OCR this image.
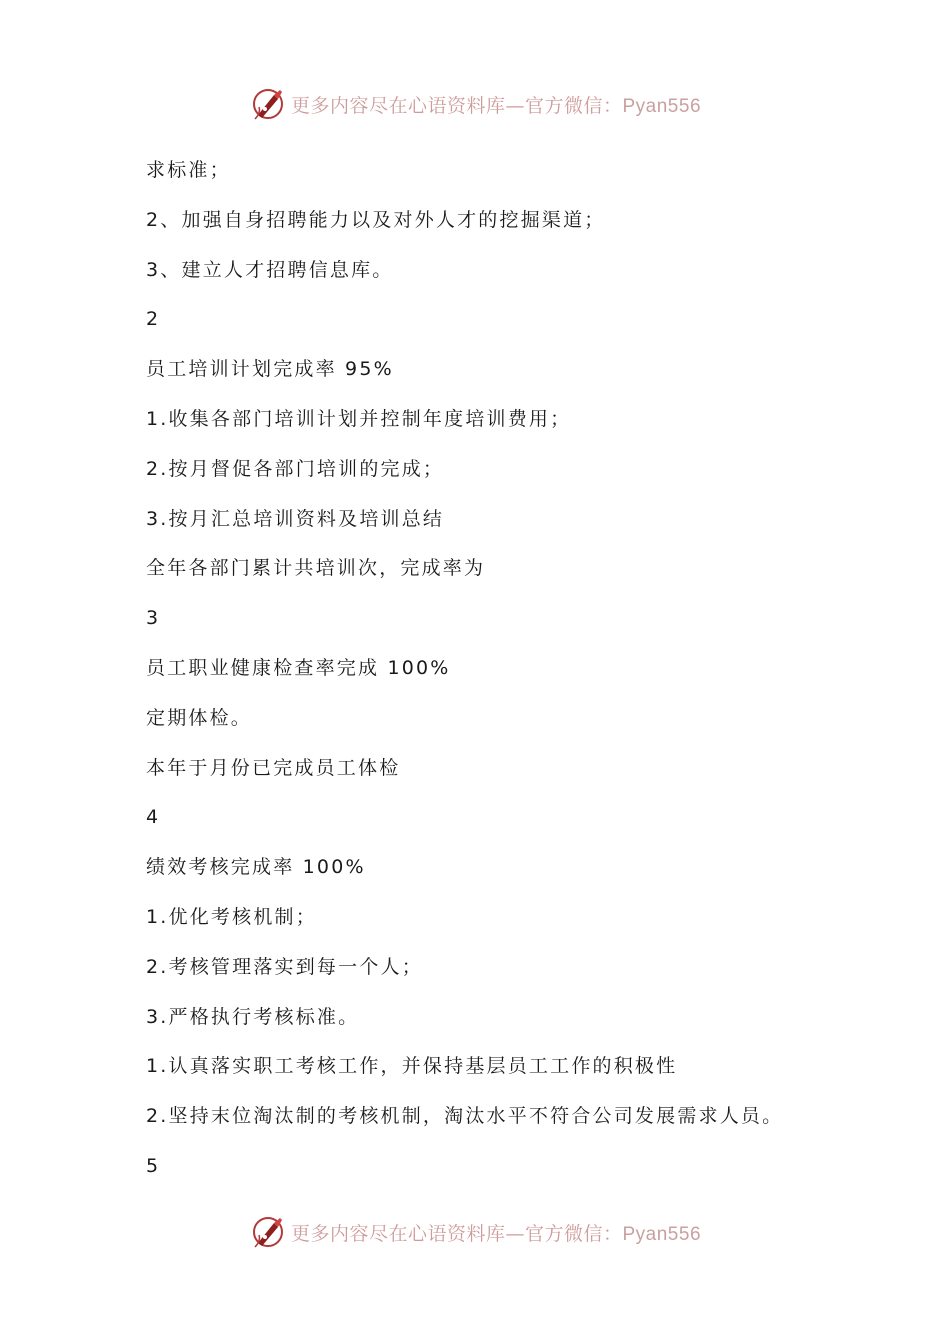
更多内容尽在心语资料库—官方微信：Pyan556
求标准；
2、加强自身招聘能力以及对外人才的挖掘渠道；
3、建立人才招聘信息库。
2
员工培训计划完成率 95%
1.收集各部门培训计划并控制年度培训费用；
2.按月督促各部门培训的完成；
3.按月汇总培训资料及培训总结
全年各部门累计共培训次，完成率为
3
员工职业健康检查率完成 100%
定期体检。
本年于月份已完成员工体检
4
绩效考核完成率 100%
1.优化考核机制；
2.考核管理落实到每一个人；
3.严格执行考核标准。
1.认真落实职工考核工作，并保持基层员工工作的积极性
2.坚持末位淘汰制的考核机制，淘汰水平不符合公司发展需求人员。
5
更多内容尽在心语资料库—官方微信：Pyan556
